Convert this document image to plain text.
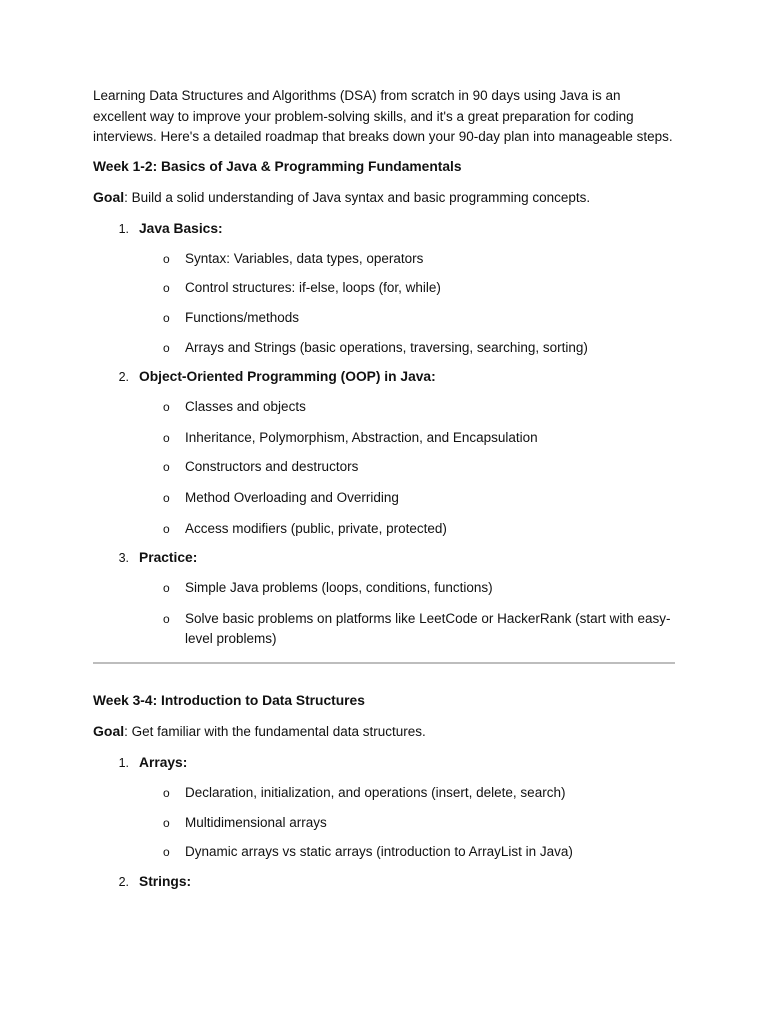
Learning Data Structures and Algorithms (DSA) from scratch in 90 days using Java is an excellent way to improve your problem-solving skills, and it's a great preparation for coding interviews. Here's a detailed roadmap that breaks down your 90-day plan into manageable steps.

Week 1-2: Basics of Java & Programming Fundamentals

Goal: Build a solid understanding of Java syntax and basic programming concepts.

1. Java Basics:
o	Syntax: Variables, data types, operators
o	Control structures: if-else, loops (for, while)
o	Functions/methods
o	Arrays and Strings (basic operations, traversing, searching, sorting)
2. Object-Oriented Programming (OOP) in Java:
o	Classes and objects
o	Inheritance, Polymorphism, Abstraction, and Encapsulation
o	Constructors and destructors
o	Method Overloading and Overriding
o	Access modifiers (public, private, protected)
3. Practice:
o	Simple Java problems (loops, conditions, functions)
o	Solve basic problems on platforms like LeetCode or HackerRank (start with easy-level problems)
Week 3-4: Introduction to Data Structures

Goal: Get familiar with the fundamental data structures.

1. Arrays:
o	Declaration, initialization, and operations (insert, delete, search)
o	Multidimensional arrays
o	Dynamic arrays vs static arrays (introduction to ArrayList in Java)
2. Strings:
